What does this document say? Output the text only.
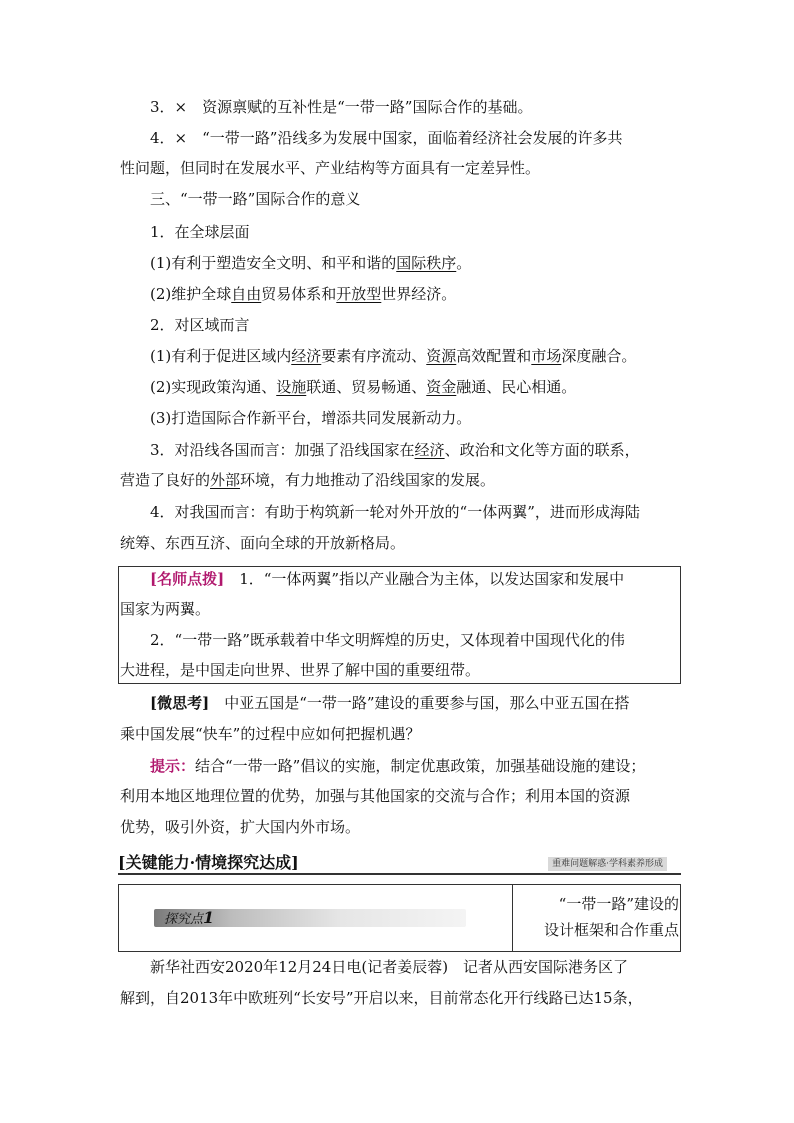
3．×　资源禀赋的互补性是“一带一路”国际合作的基础。
4．×　“一带一路”沿线多为发展中国家，面临着经济社会发展的许多共
性问题，但同时在发展水平、产业结构等方面具有一定差异性。
三、“一带一路”国际合作的意义
1．在全球层面
(1)有利于塑造安全文明、和平和谐的国际秩序。
(2)维护全球自由贸易体系和开放型世界经济。
2．对区域而言
(1)有利于促进区域内经济要素有序流动、资源高效配置和市场深度融合。
(2)实现政策沟通、设施联通、贸易畅通、资金融通、民心相通。
(3)打造国际合作新平台，增添共同发展新动力。
3．对沿线各国而言：加强了沿线国家在经济、政治和文化等方面的联系，
营造了良好的外部环境，有力地推动了沿线国家的发展。
4．对我国而言：有助于构筑新一轮对外开放的“一体两翼”，进而形成海陆
统筹、东西互济、面向全球的开放新格局。
[名师点拨]　1．“一体两翼”指以产业融合为主体，以发达国家和发展中
国家为两翼。
2．“一带一路”既承载着中华文明辉煌的历史，又体现着中国现代化的伟
大进程，是中国走向世界、世界了解中国的重要纽带。
[微思考]　中亚五国是“一带一路”建设的重要参与国，那么中亚五国在搭
乘中国发展“快车”的过程中应如何把握机遇？
提示：结合“一带一路”倡议的实施，制定优惠政策，加强基础设施的建设；
利用本地区地理位置的优势，加强与其他国家的交流与合作；利用本国的资源
优势，吸引外资，扩大国内外市场。
[关键能力·情境探究达成]	重难问题解惑·学科素养形成
探究点1
“一带一路”建设的
设计框架和合作重点
新华社西安2020年12月24日电(记者姜辰蓉)　记者从西安国际港务区了
解到，自2013年中欧班列“长安号”开启以来，目前常态化开行线路已达15条，
